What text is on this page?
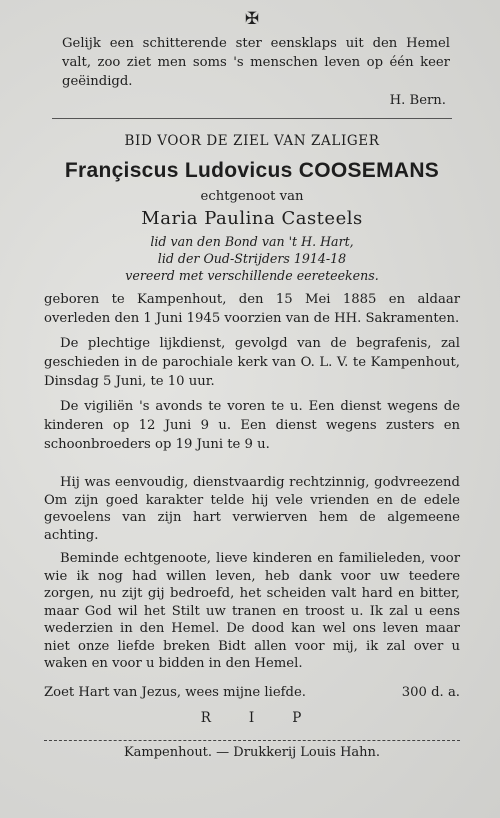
✠
Gelijk een schitterende ster eensklaps uit den Hemel valt, zoo ziet men soms 's menschen leven op één keer geëindigd.
H. Bern.
BID VOOR DE ZIEL VAN ZALIGER
Françiscus Ludovicus COOSEMANS
echtgenoot van
Maria Paulina Casteels
lid van den Bond van 't H. Hart,
lid der Oud-Strijders 1914-18
vereerd met verschillende eereteekens.

geboren te Kampenhout, den 15 Mei 1885 en aldaar overleden den 1 Juni 1945 voorzien van de HH. Sakramenten.

De plechtige lijkdienst, gevolgd van de begrafenis, zal geschieden in de parochiale kerk van O. L. V. te Kampenhout, Dinsdag 5 Juni, te 10 uur.

De vigiliën 's avonds te voren te u. Een dienst wegens de kinderen op 12 Juni 9 u. Een dienst wegens zusters en schoonbroeders op 19 Juni te 9 u.

Hij was eenvoudig, dienstvaardig rechtzinnig, godvreezend Om zijn goed karakter telde hij vele vrienden en de edele gevoelens van zijn hart verwierven hem de algemeene achting.

Beminde echtgenoote, lieve kinderen en familieleden, voor wie ik nog had willen leven, heb dank voor uw teedere zorgen, nu zijt gij bedroefd, het scheiden valt hard en bitter, maar God wil het Stilt uw tranen en troost u. Ik zal u eens wederzien in den Hemel. De dood kan wel ons leven maar niet onze liefde breken Bidt allen voor mij, ik zal over u waken en voor u bidden in den Hemel.

Zoet Hart van Jezus, wees mijne liefde.	300 d. a.
R	I	P
Kampenhout. — Drukkerij Louis Hahn.
